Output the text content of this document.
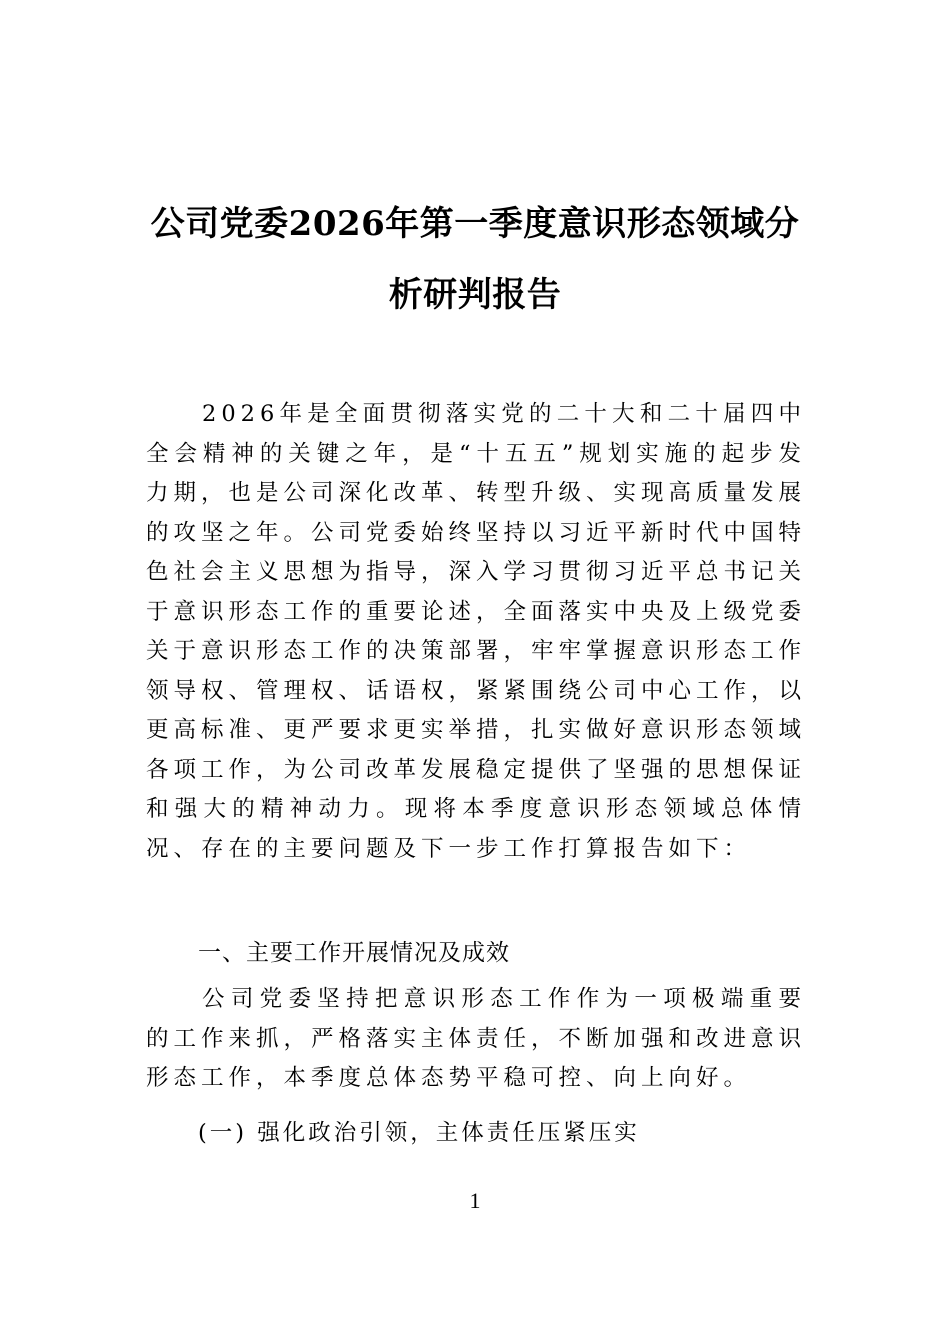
公司党委2026年第一季度意识形态领域分
析研判报告

2026年是全面贯彻落实党的二十大和二十届四中全会精神的关键之年，是“十五五”规划实施的起步发力期，也是公司深化改革、转型升级、实现高质量发展的攻坚之年。公司党委始终坚持以习近平新时代中国特色社会主义思想为指导，深入学习贯彻习近平总书记关于意识形态工作的重要论述，全面落实中央及上级党委关于意识形态工作的决策部署，牢牢掌握意识形态工作领导权、管理权、话语权，紧紧围绕公司中心工作，以更高标准、更严要求更实举措，扎实做好意识形态领域各项工作，为公司改革发展稳定提供了坚强的思想保证和强大的精神动力。现将本季度意识形态领域总体情况、存在的主要问题及下一步工作打算报告如下：

一、主要工作开展情况及成效

公司党委坚持把意识形态工作作为一项极端重要的工作来抓，严格落实主体责任，不断加强和改进意识形态工作，本季度总体态势平稳可控、向上向好。

(一) 强化政治引领，主体责任压紧压实
1
